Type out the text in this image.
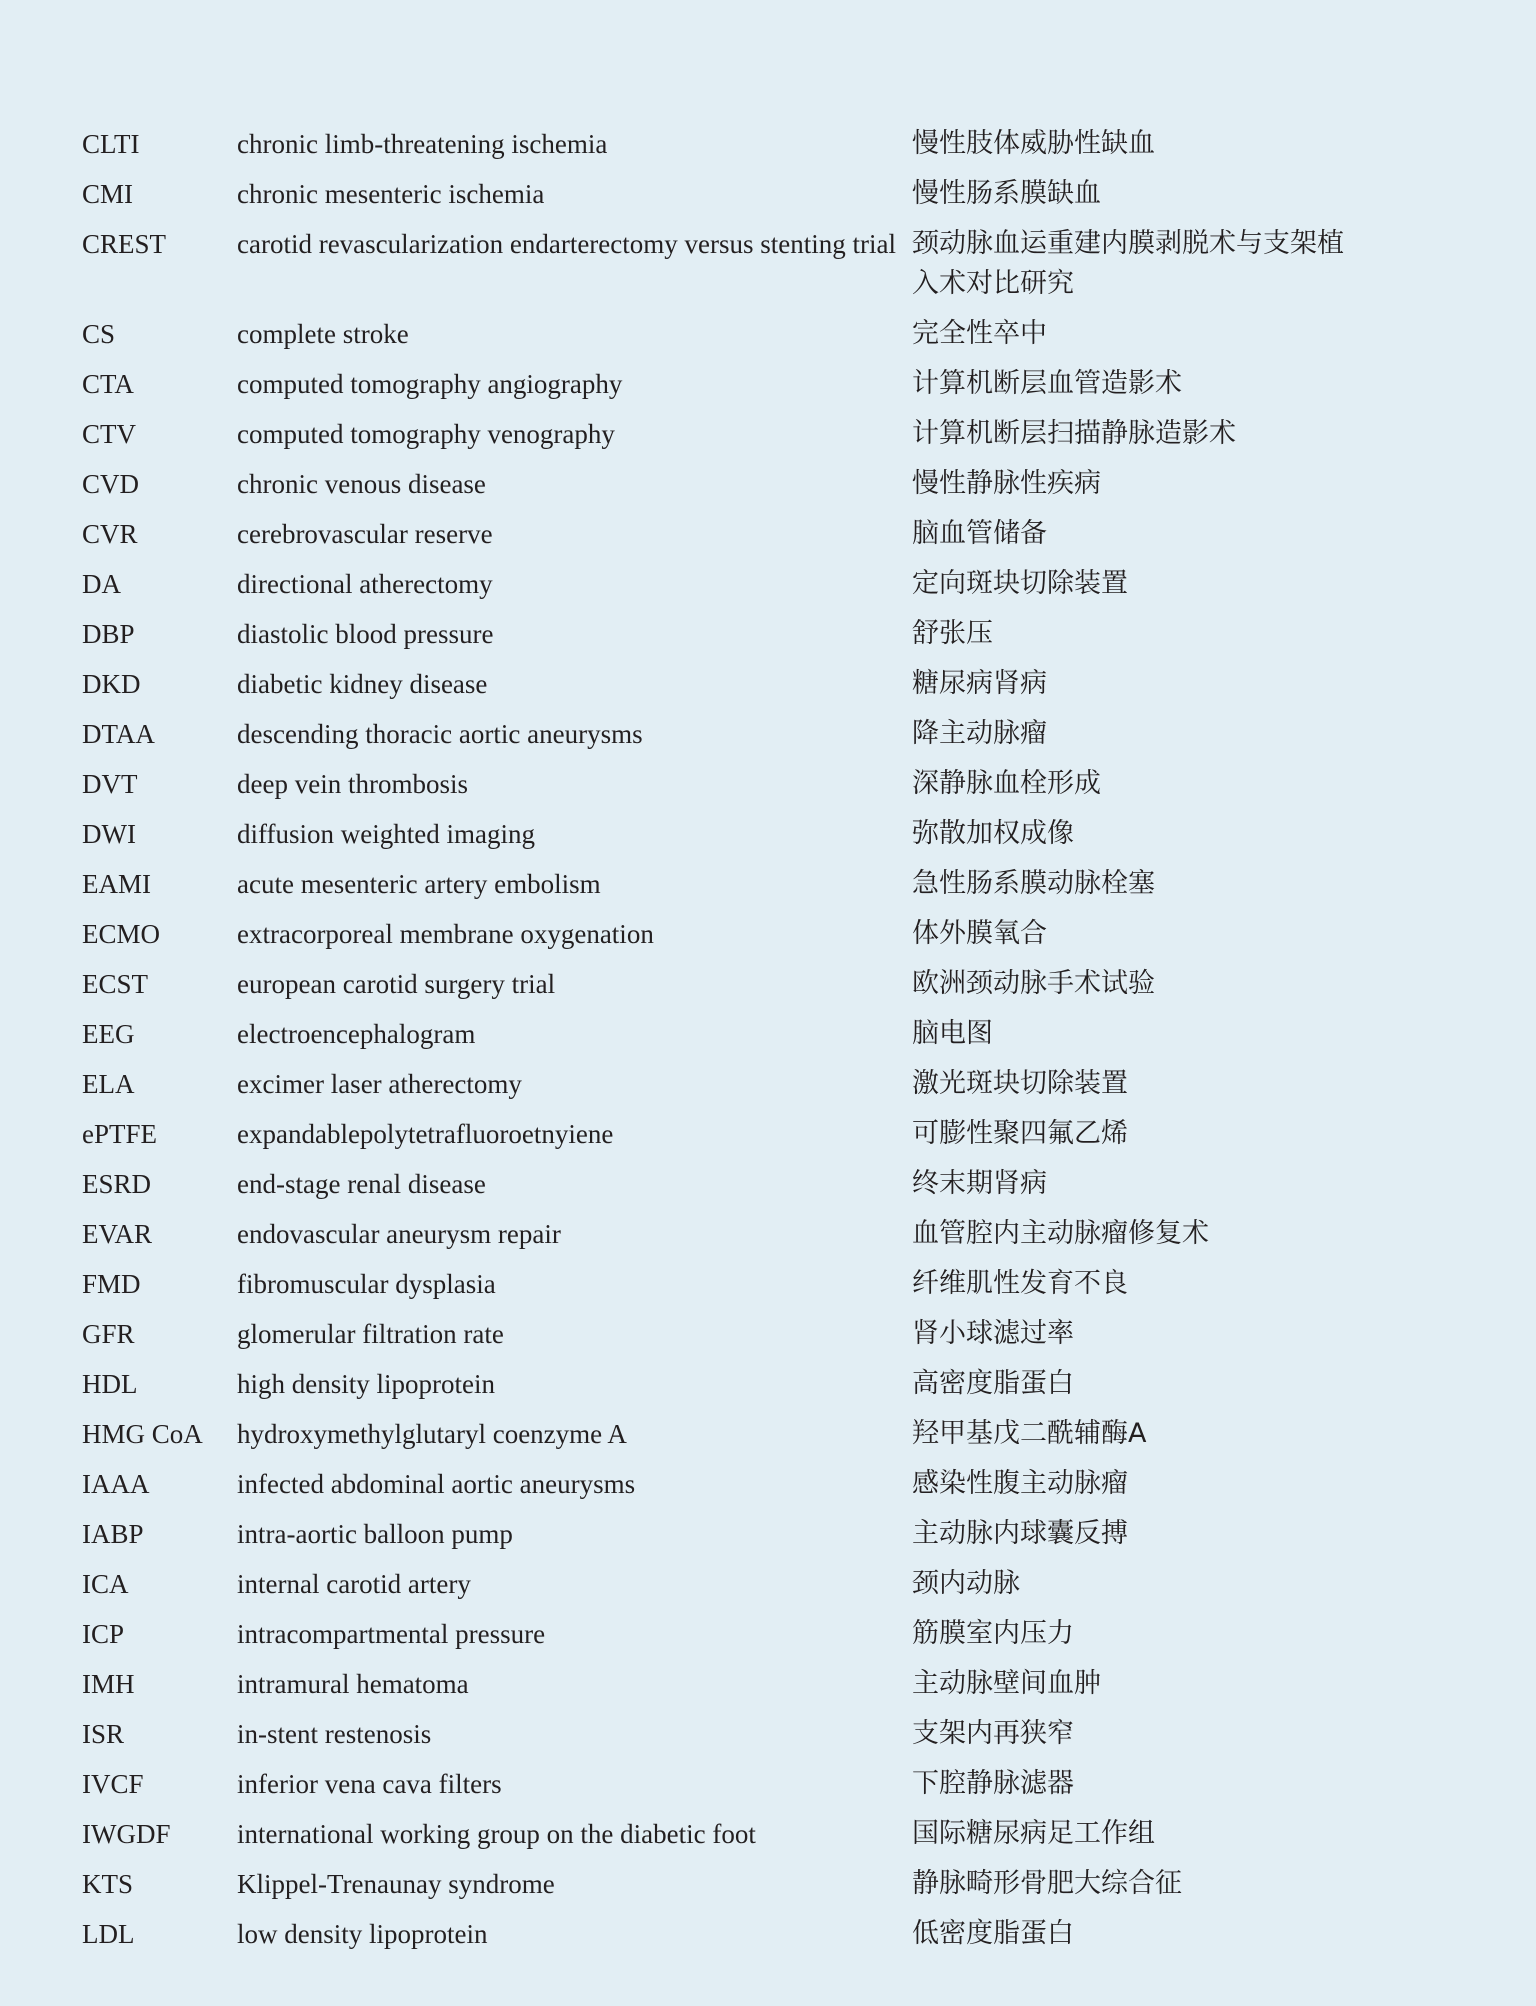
CLTI	chronic limb-threatening ischemia	慢性肢体威胁性缺血
CMI	chronic mesenteric ischemia	慢性肠系膜缺血
CREST	carotid revascularization endarterectomy versus stenting trial 颈动脉血运重建内膜剥脱术与支架植入术对比研究
CS	complete stroke	完全性卒中
CTA	computed tomography angiography	计算机断层血管造影术
CTV	computed tomography venography	计算机断层扫描静脉造影术
CVD	chronic venous disease	慢性静脉性疾病
CVR	cerebrovascular reserve	脑血管储备
DA	directional atherectomy	定向斑块切除装置
DBP	diastolic blood pressure	舒张压
DKD	diabetic kidney disease	糖尿病肾病
DTAA	descending thoracic aortic aneurysms	降主动脉瘤
DVT	deep vein thrombosis	深静脉血栓形成
DWI	diffusion weighted imaging	弥散加权成像
EAMI	acute mesenteric artery embolism	急性肠系膜动脉栓塞
ECMO	extracorporeal membrane oxygenation	体外膜氧合
ECST	european carotid surgery trial	欧洲颈动脉手术试验
EEG	electroencephalogram	脑电图
ELA	excimer laser atherectomy	激光斑块切除装置
ePTFE	expandablepolytetrafluoroetnyiene	可膨性聚四氟乙烯
ESRD	end-stage renal disease	终末期肾病
EVAR	endovascular aneurysm repair	血管腔内主动脉瘤修复术
FMD	fibromuscular dysplasia	纤维肌性发育不良
GFR	glomerular filtration rate	肾小球滤过率
HDL	high density lipoprotein	高密度脂蛋白
HMG CoA	hydroxymethylglutaryl coenzyme A	羟甲基戊二酰辅酶A
IAAA	infected abdominal aortic aneurysms	感染性腹主动脉瘤
IABP	intra-aortic balloon pump	主动脉内球囊反搏
ICA	internal carotid artery	颈内动脉
ICP	intracompartmental pressure	筋膜室内压力
IMH	intramural hematoma	主动脉壁间血肿
ISR	in-stent restenosis	支架内再狭窄
IVCF	inferior vena cava filters	下腔静脉滤器
IWGDF	international working group on the diabetic foot	国际糖尿病足工作组
KTS	Klippel-Trenaunay syndrome	静脉畸形骨肥大综合征
LDL	low density lipoprotein	低密度脂蛋白
